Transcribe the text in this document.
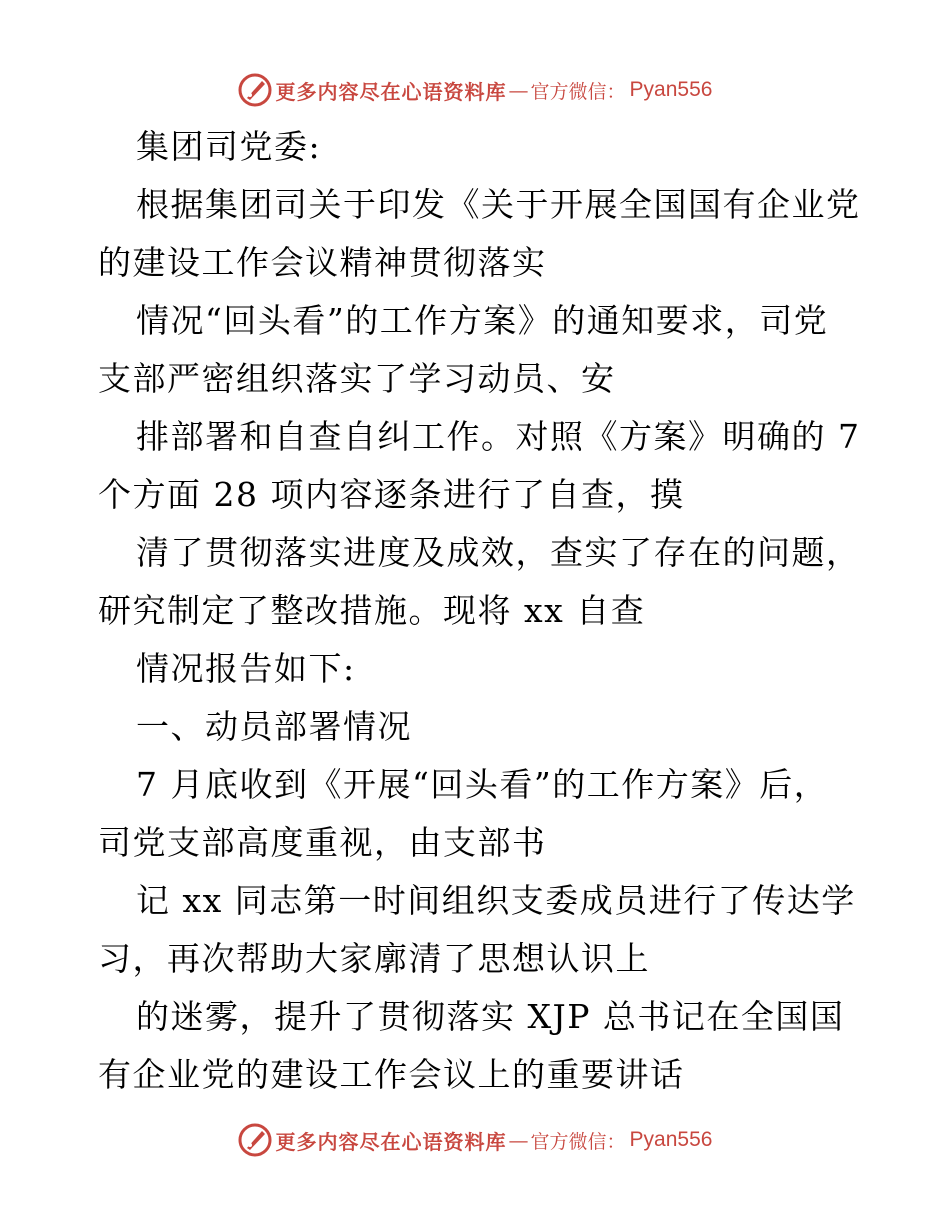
更多内容尽在心语资料库 — 官方微信： Pyan556
集团司党委:
根据集团司关于印发《关于开展全国国有企业党
的建设工作会议精神贯彻落实
情况“回头看”的工作方案》的通知要求，司党
支部严密组织落实了学习动员、安
排部署和自查自纠工作。对照《方案》明确的 7
个方面 28 项内容逐条进行了自查，摸
清了贯彻落实进度及成效，查实了存在的问题，
研究制定了整改措施。现将 xx 自查
情况报告如下:
一、动员部署情况
7 月底收到《开展“回头看”的工作方案》后，
司党支部高度重视，由支部书
记 xx 同志第一时间组织支委成员进行了传达学
习，再次帮助大家廓清了思想认识上
的迷雾，提升了贯彻落实 XJP 总书记在全国国
有企业党的建设工作会议上的重要讲话
更多内容尽在心语资料库 — 官方微信： Pyan556
